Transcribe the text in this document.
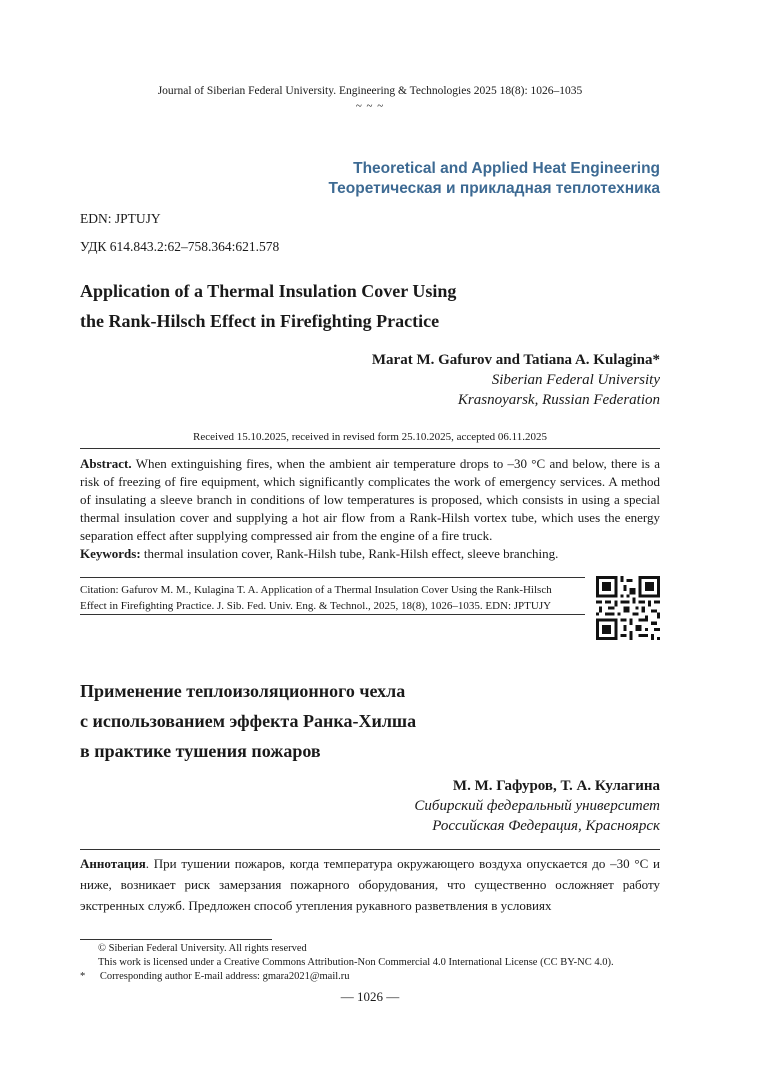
Journal of Siberian Federal University. Engineering & Technologies 2025 18(8): 1026–1035
~ ~ ~
Theoretical and Applied Heat Engineering
Теоретическая и прикладная теплотехника
EDN: JPTUJY
УДК 614.843.2:62–758.364:621.578
Application of a Thermal Insulation Cover Using
the Rank-Hilsch Effect in Firefighting Practice
Marat M. Gafurov and Tatiana A. Kulagina*
Siberian Federal University
Krasnoyarsk, Russian Federation
Received 15.10.2025, received in revised form 25.10.2025, accepted 06.11.2025
Abstract. When extinguishing fires, when the ambient air temperature drops to –30 °C and below, there is a risk of freezing of fire equipment, which significantly complicates the work of emergency services. A method of insulating a sleeve branch in conditions of low temperatures is proposed, which consists in using a special thermal insulation cover and supplying a hot air flow from a Rank-Hilsh vortex tube, which uses the energy separation effect after supplying compressed air from the engine of a fire truck.
Keywords: thermal insulation cover, Rank-Hilsh tube, Rank-Hilsh effect, sleeve branching.
Citation: Gafurov M. M., Kulagina T. A. Application of a Thermal Insulation Cover Using the Rank-Hilsch
Effect in Firefighting Practice. J. Sib. Fed. Univ. Eng. & Technol., 2025, 18(8), 1026–1035. EDN: JPTUJY
Применение теплоизоляционного чехла
с использованием эффекта Ранка-Хилша
в практике тушения пожаров
М. М. Гафуров, Т. А. Кулагина
Сибирский федеральный университет
Российская Федерация, Красноярск
Аннотация. При тушении пожаров, когда температура окружающего воздуха опускается до –30 °C и ниже, возникает риск замерзания пожарного оборудования, что существенно осложняет работу экстренных служб. Предложен способ утепления рукавного разветвления в условиях
© Siberian Federal University. All rights reserved
This work is licensed under a Creative Commons Attribution-Non Commercial 4.0 International License (CC BY-NC 4.0).
* Corresponding author E-mail address: gmara2021@mail.ru
— 1026 —
